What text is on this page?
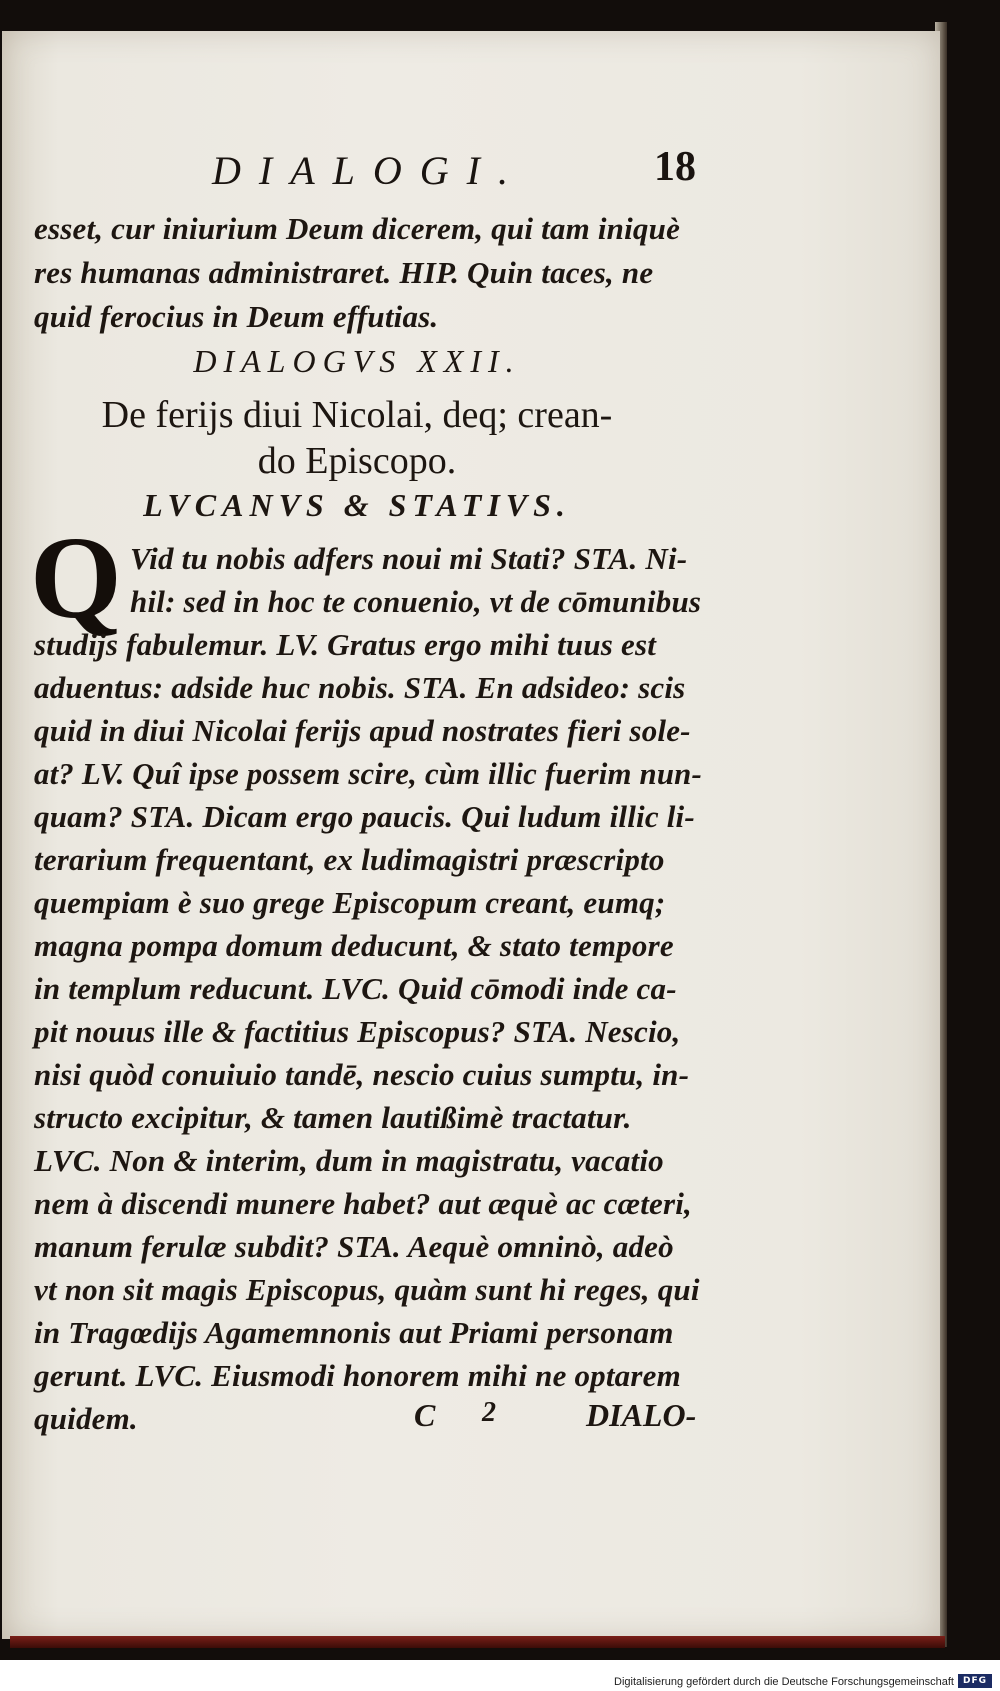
DIALOGI.	18
esset, cur iniurium Deum dicerem, qui tam iniquè
res humanas administraret. HIP. Quin taces, ne
quid ferocius in Deum effutias.
DIALOGVS XXII.
De ferijs diui Nicolai, deq; crean-
do Episcopo.
LVCANVS & STATIVS.
Q Vid tu nobis adfers noui mi Stati? STA. Ni-
hil: sed in hoc te conuenio, vt de cōmunibus
studijs fabulemur. LV. Gratus ergo mihi tuus est
aduentus: adside huc nobis. STA. En adsideo: scis
quid in diui Nicolai ferijs apud nostrates fieri sole-
at? LV. Quî ipse possem scire, cùm illic fuerim nun-
quam? STA. Dicam ergo paucis. Qui ludum illic li-
terarium frequentant, ex ludimagistri præscripto
quempiam è suo grege Episcopum creant, eumq;
magna pompa domum deducunt, & stato tempore
in templum reducunt. LVC. Quid cōmodi inde ca-
pit nouus ille & factitius Episcopus? STA. Nescio,
nisi quòd conuiuio tandē, nescio cuius sumptu, in-
structo excipitur, & tamen lautißimè tractatur.
LVC. Non & interim, dum in magistratu, vacatio
nem à discendi munere habet? aut æquè ac cæteri,
manum ferulæ subdit? STA. Aequè omninò, adeò
vt non sit magis Episcopus, quàm sunt hi reges, qui
in Tragœdijs Agamemnonis aut Priami personam
gerunt. LVC. Eiusmodi honorem mihi ne optarem
quidem.	C 2	DIALO-
Digitalisierung gefördert durch die Deutsche Forschungsgemeinschaft DFG
